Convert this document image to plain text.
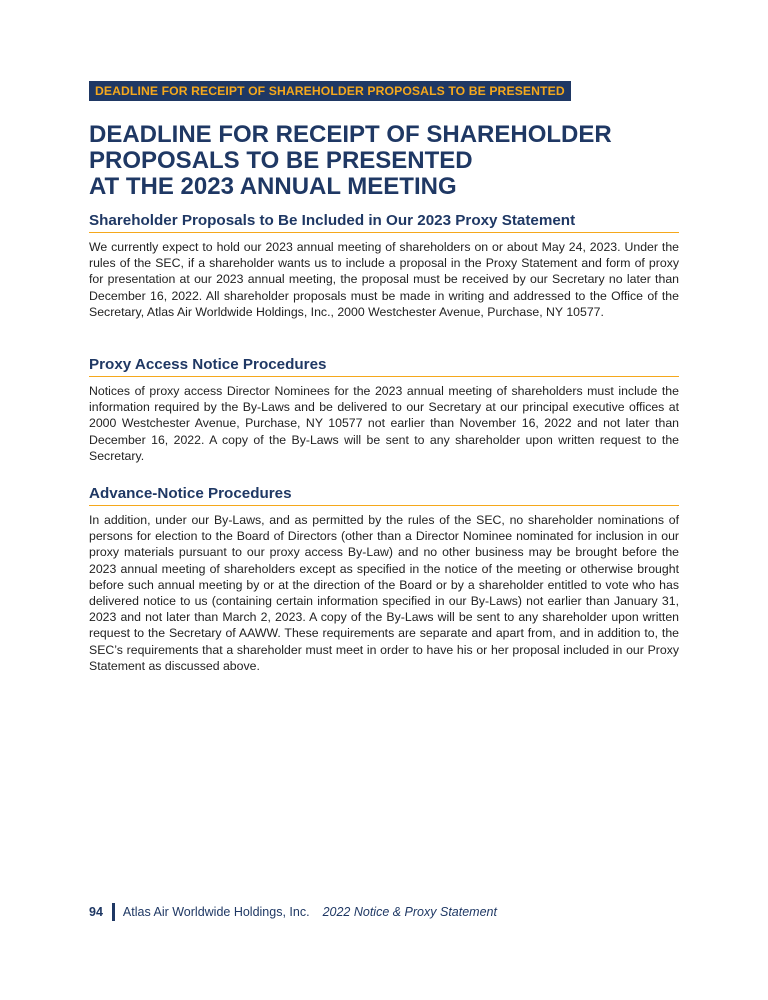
DEADLINE FOR RECEIPT OF SHAREHOLDER PROPOSALS TO BE PRESENTED
DEADLINE FOR RECEIPT OF SHAREHOLDER
PROPOSALS TO BE PRESENTED
AT THE 2023 ANNUAL MEETING
Shareholder Proposals to Be Included in Our 2023 Proxy Statement

We currently expect to hold our 2023 annual meeting of shareholders on or about May 24, 2023. Under the rules of the SEC, if a shareholder wants us to include a proposal in the Proxy Statement and form of proxy for presentation at our 2023 annual meeting, the proposal must be received by our Secretary no later than December 16, 2022. All shareholder proposals must be made in writing and addressed to the Office of the Secretary, Atlas Air Worldwide Holdings, Inc., 2000 Westchester Avenue, Purchase, NY 10577.

Proxy Access Notice Procedures

Notices of proxy access Director Nominees for the 2023 annual meeting of shareholders must include the information required by the By-Laws and be delivered to our Secretary at our principal executive offices at 2000 Westchester Avenue, Purchase, NY 10577 not earlier than November 16, 2022 and not later than December 16, 2022. A copy of the By-Laws will be sent to any shareholder upon written request to the Secretary.

Advance-Notice Procedures

In addition, under our By-Laws, and as permitted by the rules of the SEC, no shareholder nominations of persons for election to the Board of Directors (other than a Director Nominee nominated for inclusion in our proxy materials pursuant to our proxy access By-Law) and no other business may be brought before the 2023 annual meeting of shareholders except as specified in the notice of the meeting or otherwise brought before such annual meeting by or at the direction of the Board or by a shareholder entitled to vote who has delivered notice to us (containing certain information specified in our By-Laws) not earlier than January 31, 2023 and not later than March 2, 2023. A copy of the By-Laws will be sent to any shareholder upon written request to the Secretary of AAWW. These requirements are separate and apart from, and in addition to, the SEC’s requirements that a shareholder must meet in order to have his or her proposal included in our Proxy Statement as discussed above.

94 Atlas Air Worldwide Holdings, Inc. 2022 Notice & Proxy Statement
